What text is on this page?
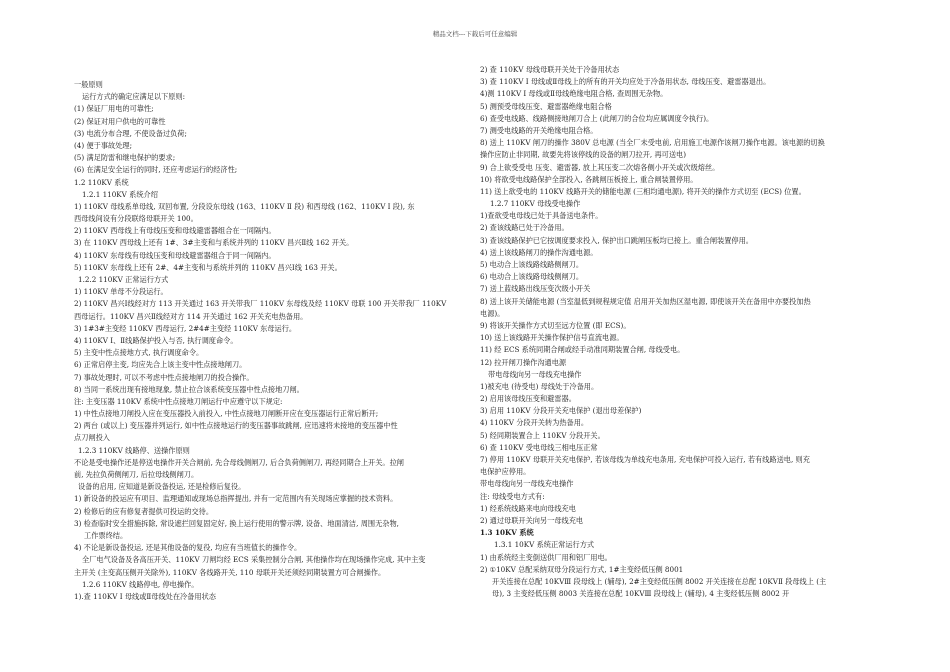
精品文档---下载后可任意编辑
一般原则
运行方式的确定应满足以下原则:
(1) 保证厂用电的可靠性;
(2) 保证对用户供电的可靠性
(3) 电流分布合理, 不使设备过负荷;
(4) 便于事故处理;
(5) 满足防雷和继电保护的要求;
(6) 在满足安全运行的同时, 还应考虑运行的经济性;
1.2 110KV 系统
1.2.1 110KV 系统介绍
1) 110KV 母线系单母线, 双回布置, 分段设东母线 (163、110KV Ⅱ 段) 和西母线 (162、110KV Ⅰ 段), 东
西母线间设有分段联络母联开关 100。
2) 110KV 西母线上有母线压变和母线避雷器组合在一同隔内。
3) 在 110KV 西母线上还有 1#、3#主变和与系统并列的 110KV 昌兴Ⅱ线 162 开关。
4) 110KV 东母线有母线压变和母线避雷器组合于同一间隔内。
5) 110KV 东母线上还有 2#、4#主变和与系统并列的 110KV 昌兴Ⅰ线 163 开关。
1.2.2 110KV 正常运行方式
1) 110KV 单母不分段运行。
2) 110KV 昌兴Ⅰ线经对方 113 开关通过 163 开关带我厂 110KV 东母线及经 110KV 母联 100 开关带我厂 110KV
西母运行。110KV 昌兴Ⅱ线经对方 114 开关通过 162 开关充电热备用。
3) 1#3#主变经 110KV 西母运行, 2#4#主变经 110KV 东母运行。
4) 110KV Ⅰ、Ⅱ线路保护投入与否, 执行调度命令。
5) 主变中性点接地方式, 执行调度命令。
6) 正常启停主变, 均应先合上该主变中性点接地闸刀。
7) 事故处理时, 可以不考虑中性点接地闸刀的投合操作。
8) 当同一系统出现有接地现象, 禁止拉合该系统变压器中性点接地刀闸。
注: 主变压器 110KV 系统中性点接地刀闸运行中应遵守以下规定:
1) 中性点接地刀闸投入应在变压器投入前投入, 中性点接地刀闸断开应在变压器运行正常后断开;
2) 两台 (或以上) 变压器并列运行, 如中性点接地运行的变压器事故跳闸, 应迅速将未接地的变压器中性
点刀闸投入
1.2.3 110KV 线路停、送操作原则
不论是受电操作还是停送电操作开关合闸前, 先合母线侧闸刀, 后合负荷侧闸刀, 再经同期合上开关。拉闸
前, 先拉负荷侧闸刀, 后拉母线侧闸刀。
设备的启用, 应知道是新设备投运, 还是检修后复役。
1) 新设备的投运应有项目、监理通知或现场总指挥提出, 并有一定范围内有关现场应掌握的技术资料。
2) 检修后的应有修复者提供可投运的交待。
3) 检查临时安全措施拆除, 常设遮拦回复固定好, 换上运行使用的警示牌, 设备、地面清洁, 周围无杂物,
工作票终结。
4) 不论是新设备投运, 还是其他设备的复役, 均应有当班值长的操作令。
全厂电气设备及各高压开关、110KV 刀闸均经 ECS 采集控制分合闸, 其他操作均在现场操作完成, 其中主变
主开关 (主变高压侧开关除外), 110KV 各线路开关, 110 母联开关还须经同期装置方可合闸操作。
1.2.6 110KV 线路停电, 停电操作。
1).查 110KV Ⅰ 母线或Ⅱ母线处在冷备用状态
2) 查 110KV 母线母联开关处于冷备用状态
3) 查 110KV Ⅰ 母线或Ⅱ母线上的所有的开关均应处于冷备用状态, 母线压变、避雷器退出。
4)测 110KV Ⅰ 母线或Ⅱ母线绝缘电阻合格, 查周围无杂物。
5) 测预受母线压变、避雷器绝缘电阻合格
6) 查受电线路、线路侧接地闸刀合上 (此闸刀的合位均应属调度令执行)。
7) 测受电线路的开关绝缘电阻合格。
8) 送上 110KV 闸刀的操作 380V 总电源 (当全厂未受电前, 启用施工电源作该闸刀操作电源。该电源的切换
操作应防止非同期, 故要先将该停线的设备的闸刀拉开, 再可送电)
9) 合上欲受受电 压变、避雷器, 放上其压变二次熔各侧小开关或次级熔丝。
10) 将欲受电线路保护全部投入, 各跳闸压板接上, 重合闸装置停用。
11) 送上欲受电的 110KV 线路开关的储能电源 (三相均通电源), 将开关的操作方式切至 (ECS) 位置。
1.2.7 110KV 母线受电操作
1)查欲受电母线已处于具备送电条件。
2) 查该线路已处于冷备用。
3) 查该线路保护已它按调度要求投入, 保护出口跳闸压板均已接上。重合闸装置停用。
4) 送上该线路闸刀的操作沟通电源。
5) 电动合上该线路线路侧闸刀。
6) 电动合上该线路母线侧闸刀。
7) 送上蓝线路出线压变次级小开关
8) 送上该开关储能电源 (当室温低到规程规定值 启用开关加热区湿电源, 即使该开关在备用中亦要投加热
电源)。
9) 将该开关操作方式切至远方位置 (即 ECS)。
10) 送上该线路开关操作保护信号直流电源。
11) 经 ECS 系统同期合闸或经手动准同期装置合闸, 母线受电。
12) 拉开闸刀操作沟通电源
带电母线向另一母线充电操作
1)被充电 (待受电) 母线处于冷备用。
2) 启用该母线压变和避雷器。
3) 启用 110KV 分段开关充电保护 (退出母差保护)
4) 110KV 分段开关转为热备用。
5) 经同期装置合上 110KV 分段开关。
6) 查 110KV 受电母线三相电压正常
7) 停用 110KV 母联开关充电保护, 若该母线为单线充电条用, 充电保护可投入运行, 若有线路送电, 则充
电保护应停用。
带电母线向另一母线充电操作
注: 母线受电方式有:
1) 经系统线路来电向母线充电
2) 通过母联开关向另一母线充电
1.3 10KV 系统
1.3.1 10KV 系统正常运行方式
1) 由系统经主变倒送供厂用和铝厂用电。
2) ①10KV 总配采纳双母分段运行方式, 1#主变经低压侧 8001
开关连接在总配 10KVⅢ 段母线上 (辅母), 2#主变经低压侧 8002 开关连接在总配 10KVⅡ 段母线上 (主
母), 3 主变经低压侧 8003 关连接在总配 10KVⅢ 段母线上 (辅母), 4 主变经低压侧 8002 开
